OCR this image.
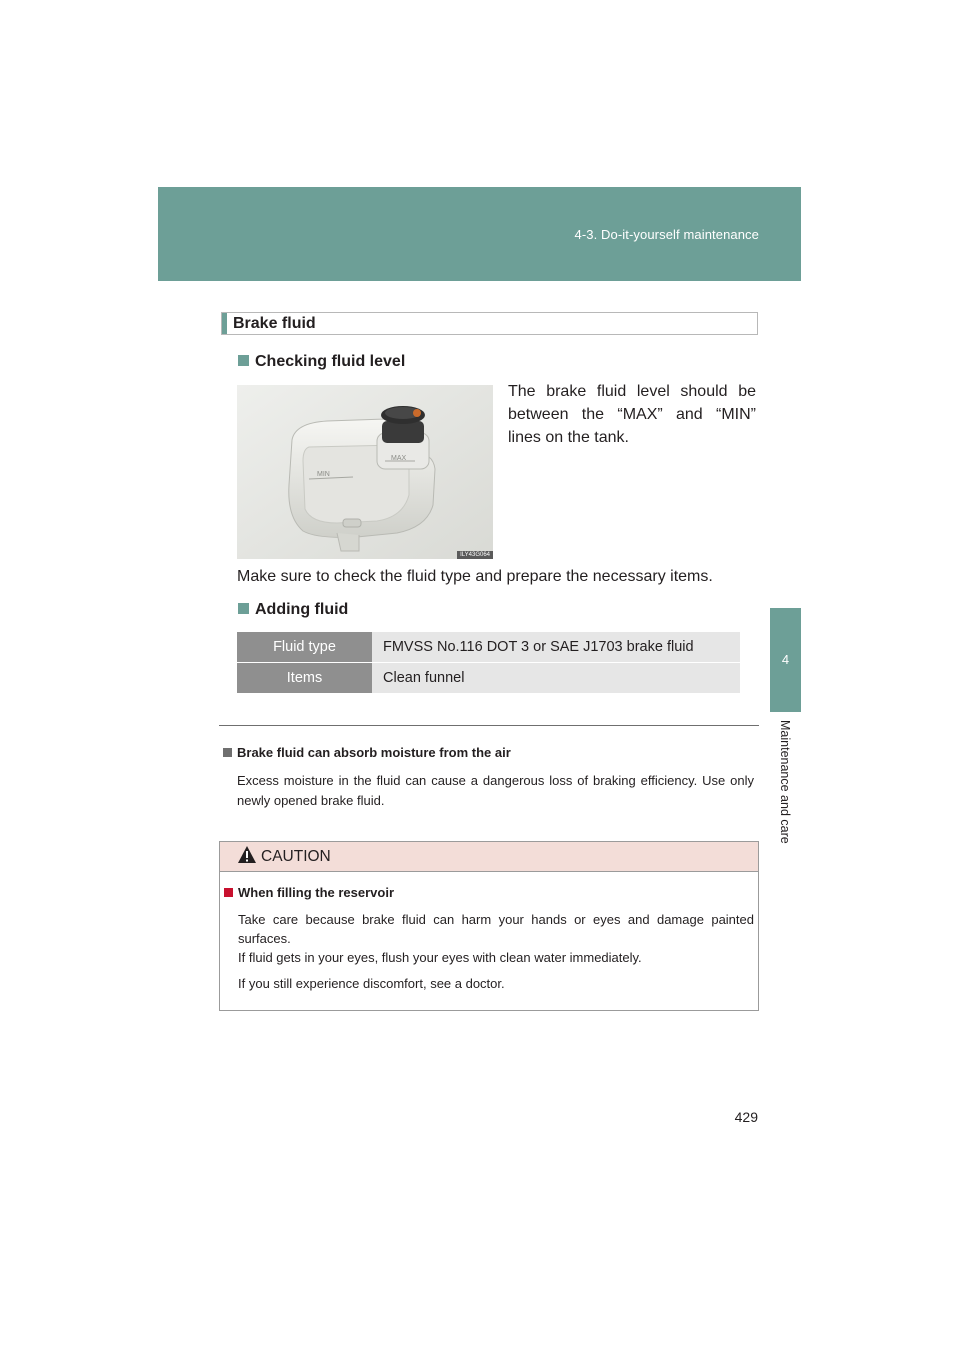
4-3. Do-it-yourself maintenance
4
Maintenance and care
Brake fluid
Checking fluid level
MAX
MIN
ILY43G064
The brake fluid level should be between the “MAX” and “MIN” lines on the tank.
Make sure to check the fluid type and prepare the necessary items.
Adding fluid
Fluid type	FMVSS No.116 DOT 3 or SAE J1703 brake fluid
Items	Clean funnel
Brake fluid can absorb moisture from the air
Excess moisture in the fluid can cause a dangerous loss of braking efficiency. Use only newly opened brake fluid.
CAUTION
When filling the reservoir
Take care because brake fluid can harm your hands or eyes and damage painted surfaces.
If fluid gets in your eyes, flush your eyes with clean water immediately.
If you still experience discomfort, see a doctor.
429
